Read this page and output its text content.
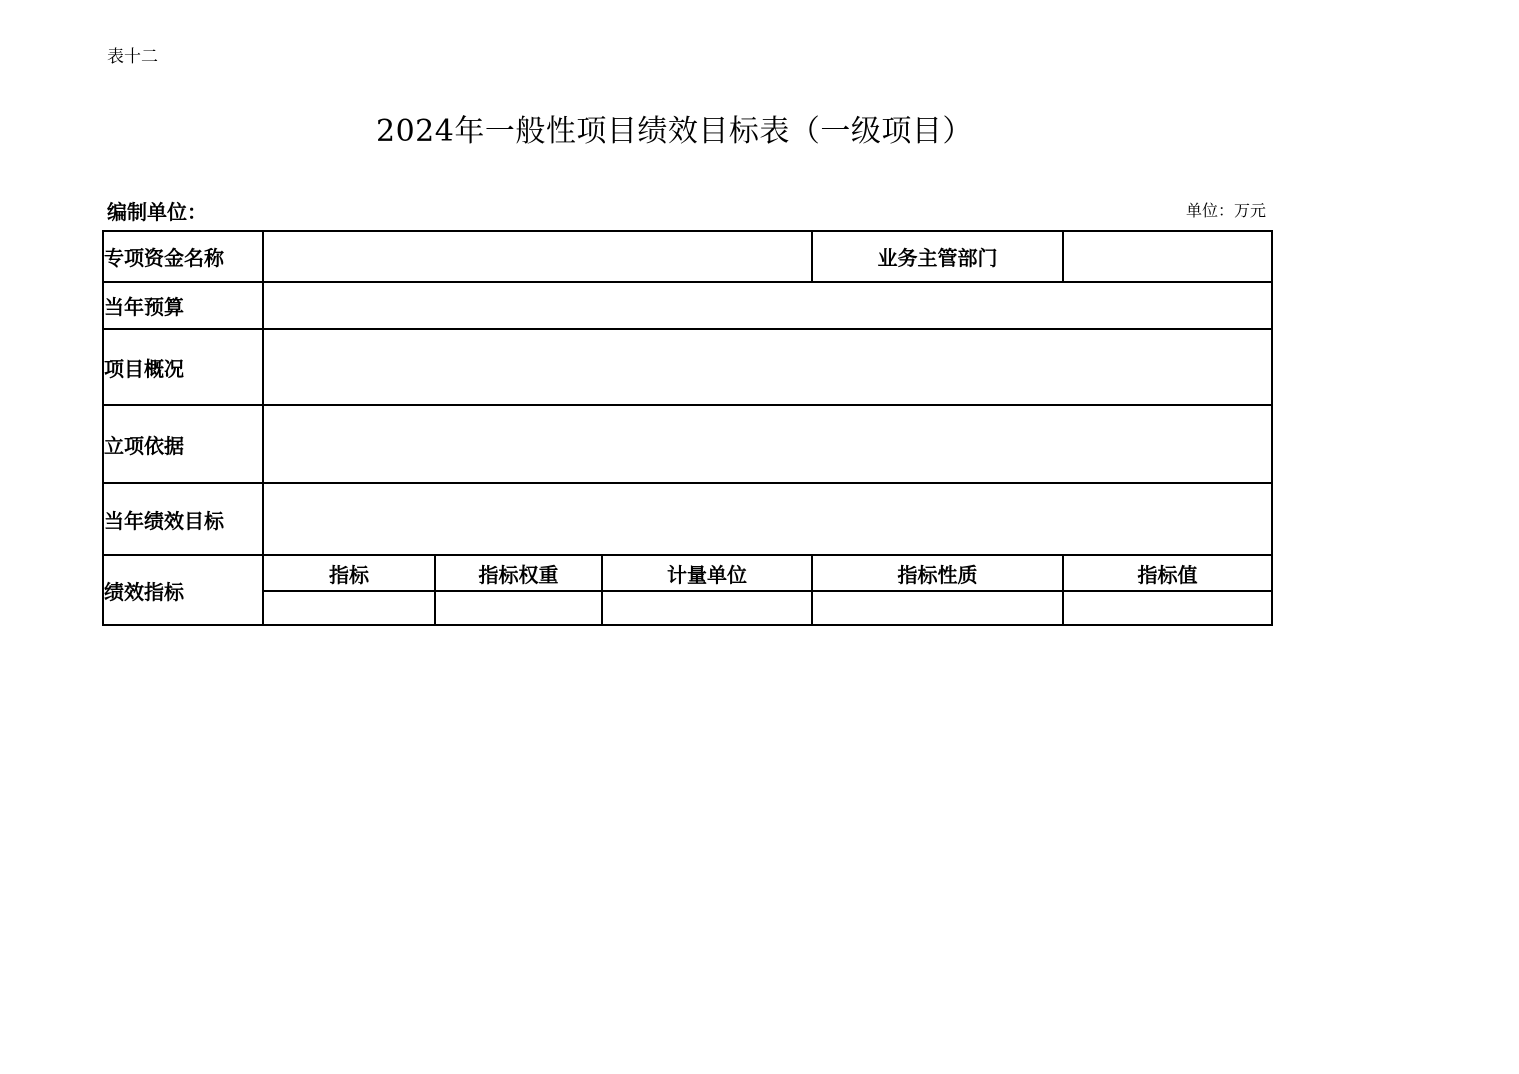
表十二
2024年一般性项目绩效目标表（一级项目）
编制单位：	单位：万元
专项资金名称				业务主管部门	
当年预算					
项目概况					
立项依据					
当年绩效目标					
绩效指标	指标	指标权重	计量单位	指标性质	指标值
